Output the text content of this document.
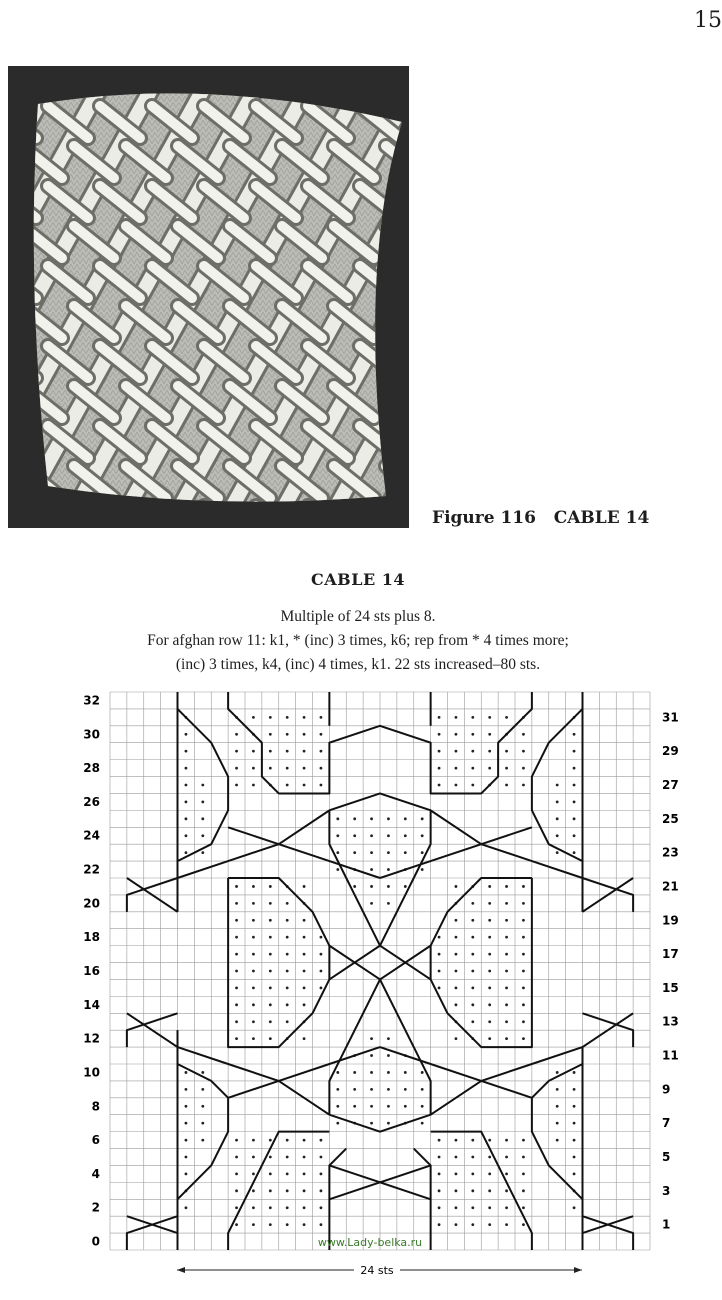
15
Figure 116   CABLE 14
CABLE 14
Multiple of 24 sts plus 8.
For afghan row 11: k1, * (inc) 3 times, k6; rep from * 4 times more;
(inc) 3 times, k4, (inc) 4 times, k1. 22 sts increased–80 sts.
0
2
4
6
8
10
12
14
16
18
20
22
24
26
28
30
32
1
3
5
7
9
11
13
15
17
19
21
23
25
27
29
31
www.Lady-belka.ru
24 sts
